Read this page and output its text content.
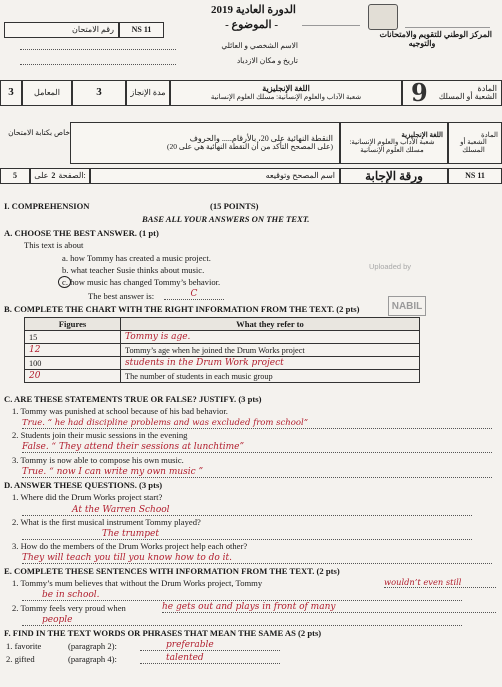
المركز الوطني للتقويم والامتحانات
والتوجيه
الدورة العادية 2019
- الموضوع -
NS 11
رقم الامتحان
الاسم الشخصي و العائلي
تاريخ و مكان الازدياد
3	المعامل	3	مدة الإنجاز	اللغة الإنجليزية
شعبة الآداب والعلوم الإنسانية: مسلك العلوم الإنسانية
المادة
الشعبة أو المسلك
9
خاص بكتابة الامتحان
النقطة النهائية على 20، بالأرقام..... والحروف
(على المصحح التأكد من أن النقطة النهائية هي على 20)
اللغة الإنجليزية
شعبة الآداب والعلوم الإنسانية: مسلك العلوم الإنسانية
المادة
الشعبة أو المسلك
5	على 2 الصفحة:	اسم المصحح وتوقيعه	ورقة الإجابة	NS 11
I. COMPREHENSION	(15 POINTS)
BASE ALL YOUR ANSWERS ON THE TEXT.
Uploaded by
NABIL
A. CHOOSE THE BEST ANSWER. (1 pt)
This text is about
a. how Tommy has created a music project.
b. what teacher Susie thinks about music.
c. how music has changed Tommy’s behavior.
The best answer is:	C
B. COMPLETE THE CHART WITH THE RIGHT INFORMATION FROM THE TEXT. (2 pts)
Figures	What they refer to
15	Tommy is age.
12	Tommy’s age when he joined the Drum Works project
100	students in the Drum Work project
20	The number of students in each music group
C. ARE THESE STATEMENTS TRUE OR FALSE? JUSTIFY. (3 pts)
1. Tommy was punished at school because of his bad behavior.
True. “ he had discipline problems and was excluded from school”
2. Students join their music sessions in the evening
False. “ They attend their sessions at lunchtime”
3. Tommy is now able to compose his own music.
True. “ now I can write my own music ”
D. ANSWER THESE QUESTIONS. (3 pts)
1. Where did the Drum Works project start?
At the Warren School
2. What is the first musical instrument Tommy played?
The trumpet
3. How do the members of the Drum Works project help each other?
They will teach you till you know how to do it.
E. COMPLETE THESE SENTENCES WITH INFORMATION FROM THE TEXT. (2 pts)
1. Tommy’s mum believes that without the Drum Works project, Tommy	wouldn’t even still
be in school.
2. Tommy feels very proud when	he gets out and plays in front of many
people
F. FIND IN THE TEXT WORDS OR PHRASES THAT MEAN THE SAME AS (2 pts)
1. favorite	(paragraph 2):	preferable
2. gifted	(paragraph 4):	talented
